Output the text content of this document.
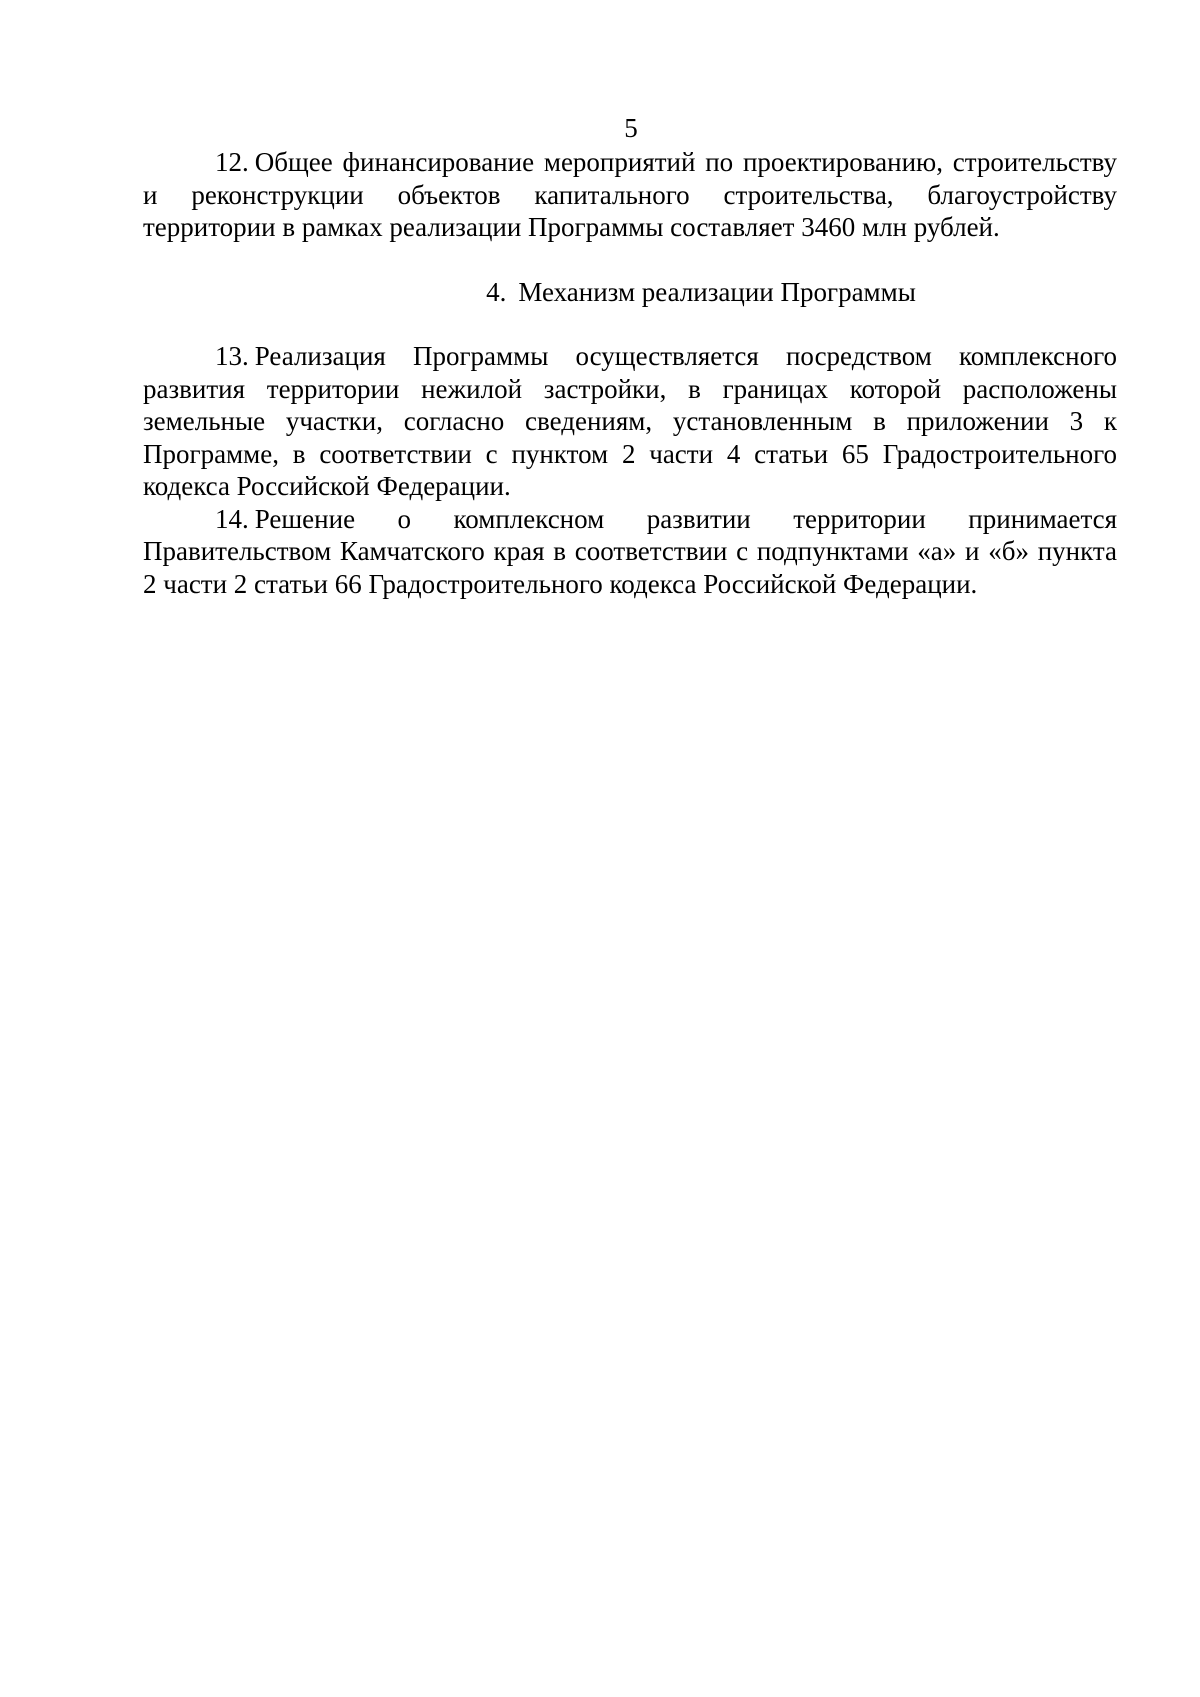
5

12. Общее финансирование мероприятий по проектированию, строительству и реконструкции объектов капитального строительства, благоустройству территории в рамках реализации Программы составляет 3460 млн рублей.

4. Механизм реализации Программы

13. Реализация Программы осуществляется посредством комплексного развития территории нежилой застройки, в границах которой расположены земельные участки, согласно сведениям, установленным в приложении 3 к Программе, в соответствии с пунктом 2 части 4 статьи 65 Градостроительного кодекса Российской Федерации.

14. Решение о комплексном развитии территории принимается Правительством Камчатского края в соответствии с подпунктами «а» и «б» пункта 2 части 2 статьи 66 Градостроительного кодекса Российской Федерации.
